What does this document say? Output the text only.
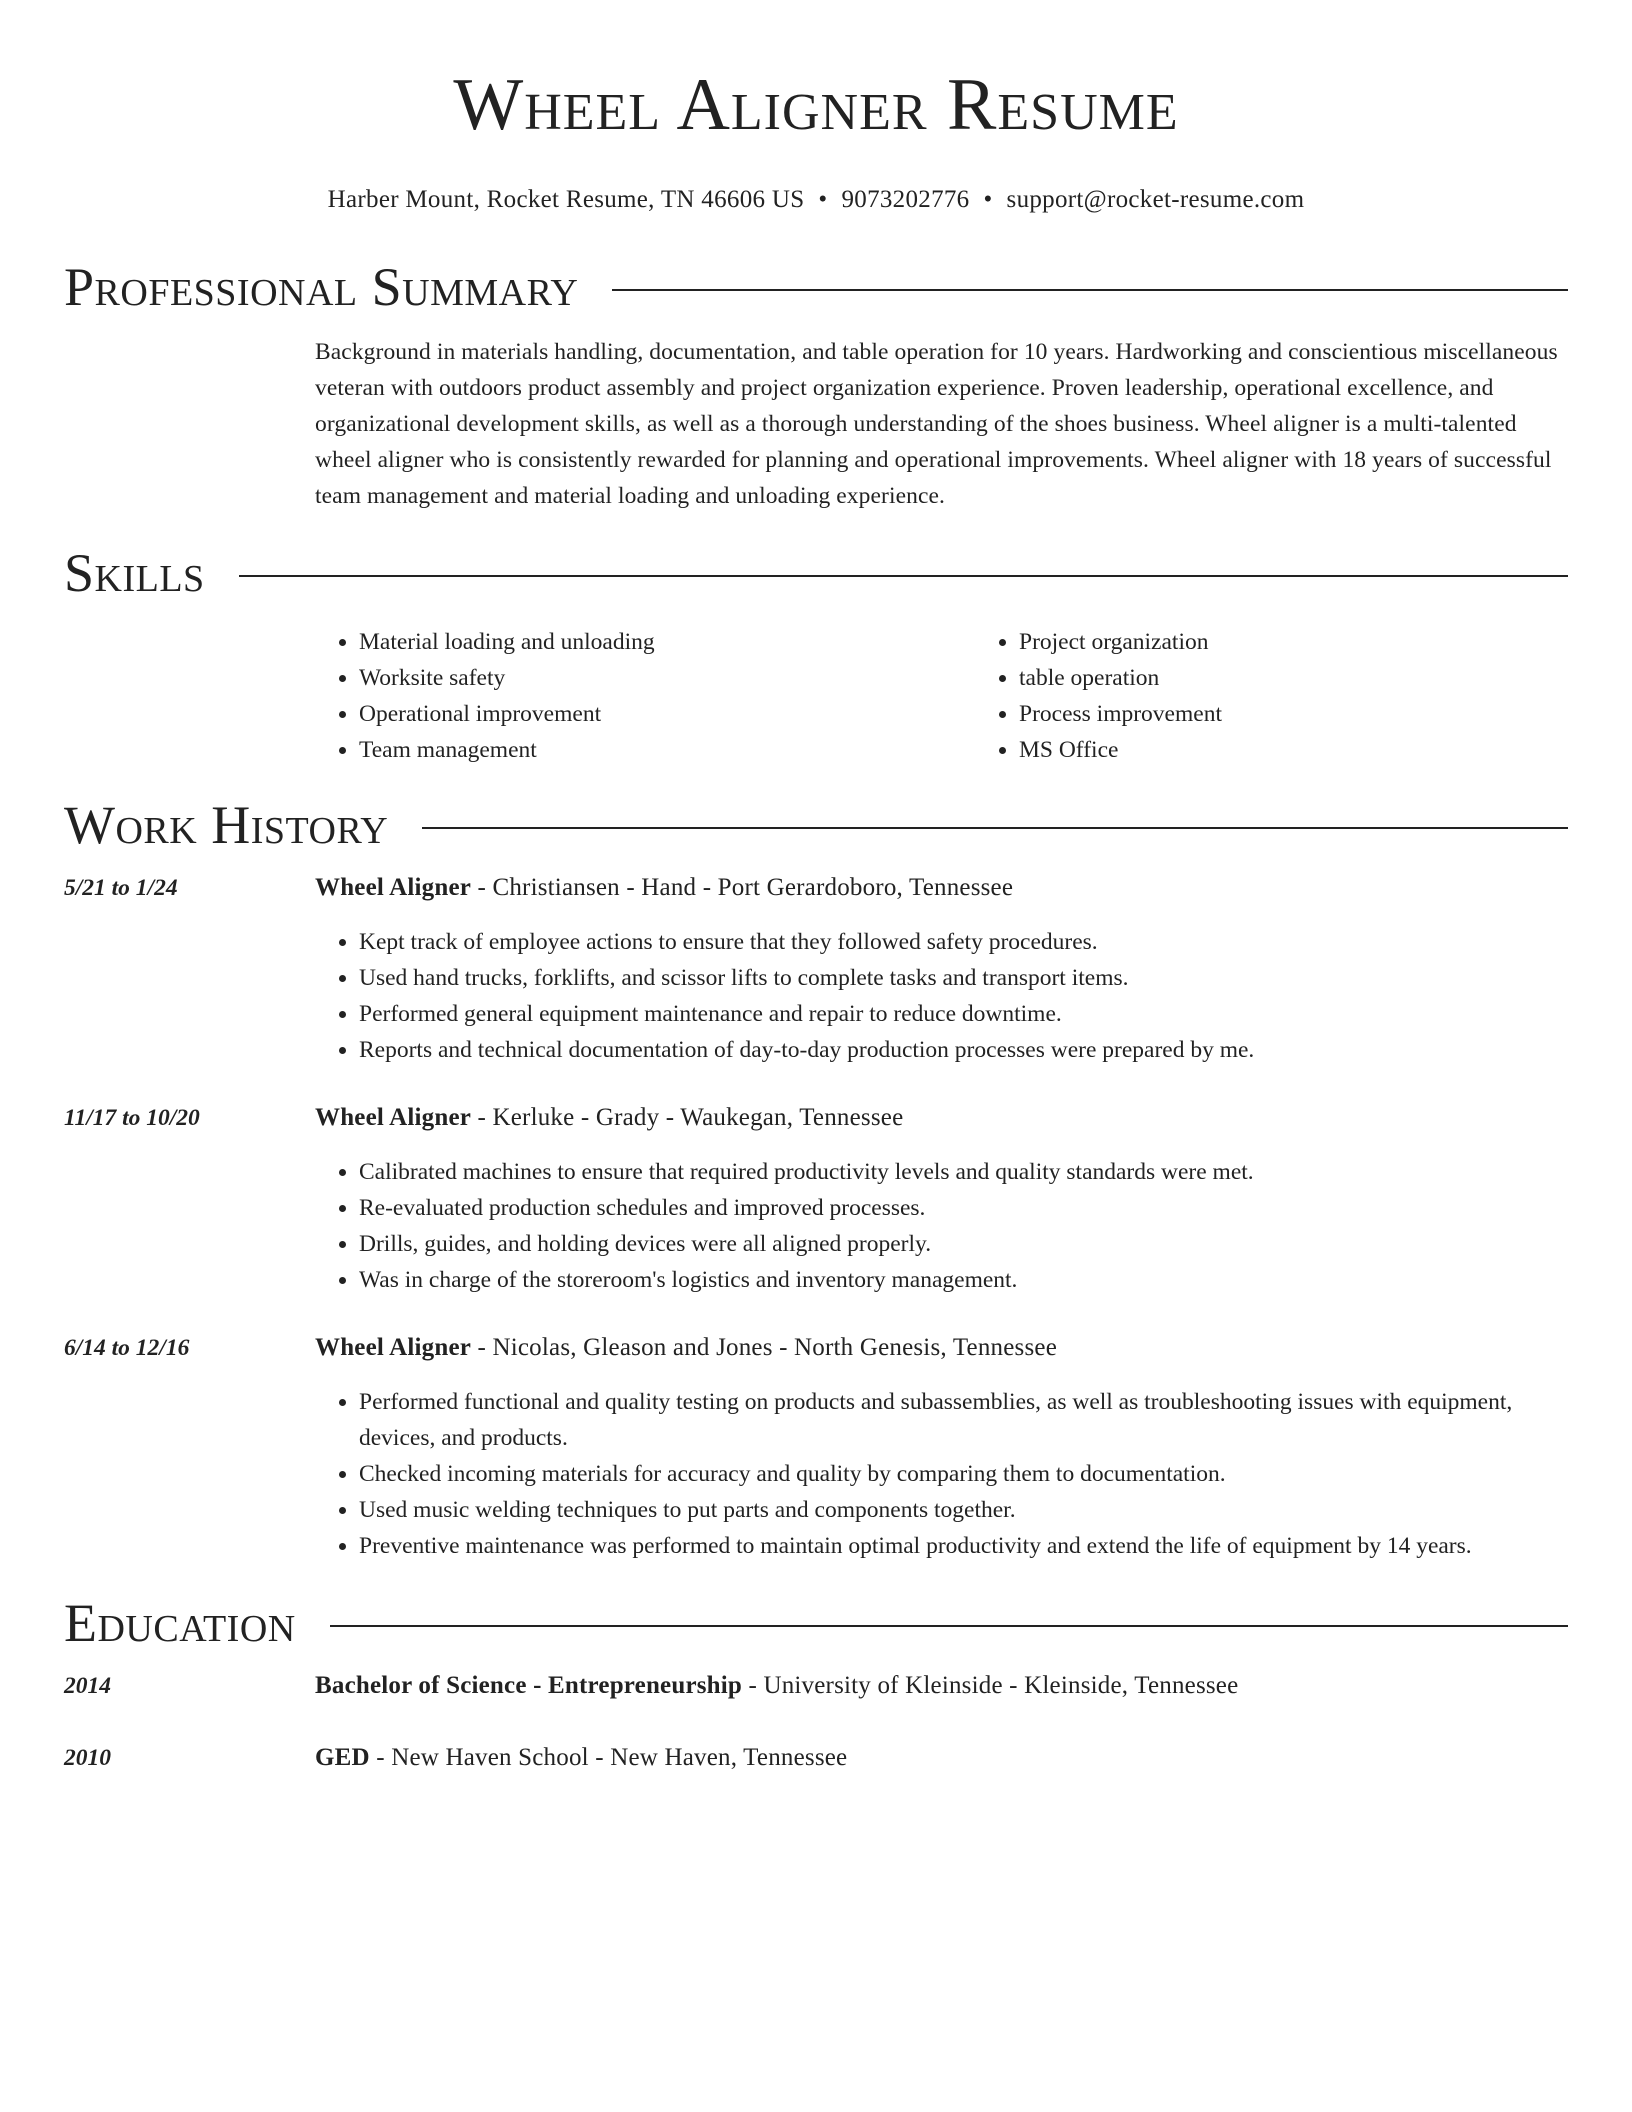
Wheel Aligner Resume
Harber Mount, Rocket Resume, TN 46606 US • 9073202776 • support@rocket-resume.com
Professional Summary
Background in materials handling, documentation, and table operation for 10 years. Hardworking and conscientious miscellaneous veteran with outdoors product assembly and project organization experience. Proven leadership, operational excellence, and organizational development skills, as well as a thorough understanding of the shoes business. Wheel aligner is a multi-talented wheel aligner who is consistently rewarded for planning and operational improvements. Wheel aligner with 18 years of successful team management and material loading and unloading experience.
Skills
• Material loading and unloading
• Worksite safety
• Operational improvement
• Team management
• Project organization
• table operation
• Process improvement
• MS Office
Work History
5/21 to 1/24	Wheel Aligner - Christiansen - Hand - Port Gerardoboro, Tennessee
• Kept track of employee actions to ensure that they followed safety procedures.
• Used hand trucks, forklifts, and scissor lifts to complete tasks and transport items.
• Performed general equipment maintenance and repair to reduce downtime.
• Reports and technical documentation of day-to-day production processes were prepared by me.
11/17 to 10/20	Wheel Aligner - Kerluke - Grady - Waukegan, Tennessee
• Calibrated machines to ensure that required productivity levels and quality standards were met.
• Re-evaluated production schedules and improved processes.
• Drills, guides, and holding devices were all aligned properly.
• Was in charge of the storeroom's logistics and inventory management.
6/14 to 12/16	Wheel Aligner - Nicolas, Gleason and Jones - North Genesis, Tennessee
• Performed functional and quality testing on products and subassemblies, as well as troubleshooting issues with equipment, devices, and products.
• Checked incoming materials for accuracy and quality by comparing them to documentation.
• Used music welding techniques to put parts and components together.
• Preventive maintenance was performed to maintain optimal productivity and extend the life of equipment by 14 years.
Education
2014	Bachelor of Science - Entrepreneurship - University of Kleinside - Kleinside, Tennessee
2010	GED - New Haven School - New Haven, Tennessee
